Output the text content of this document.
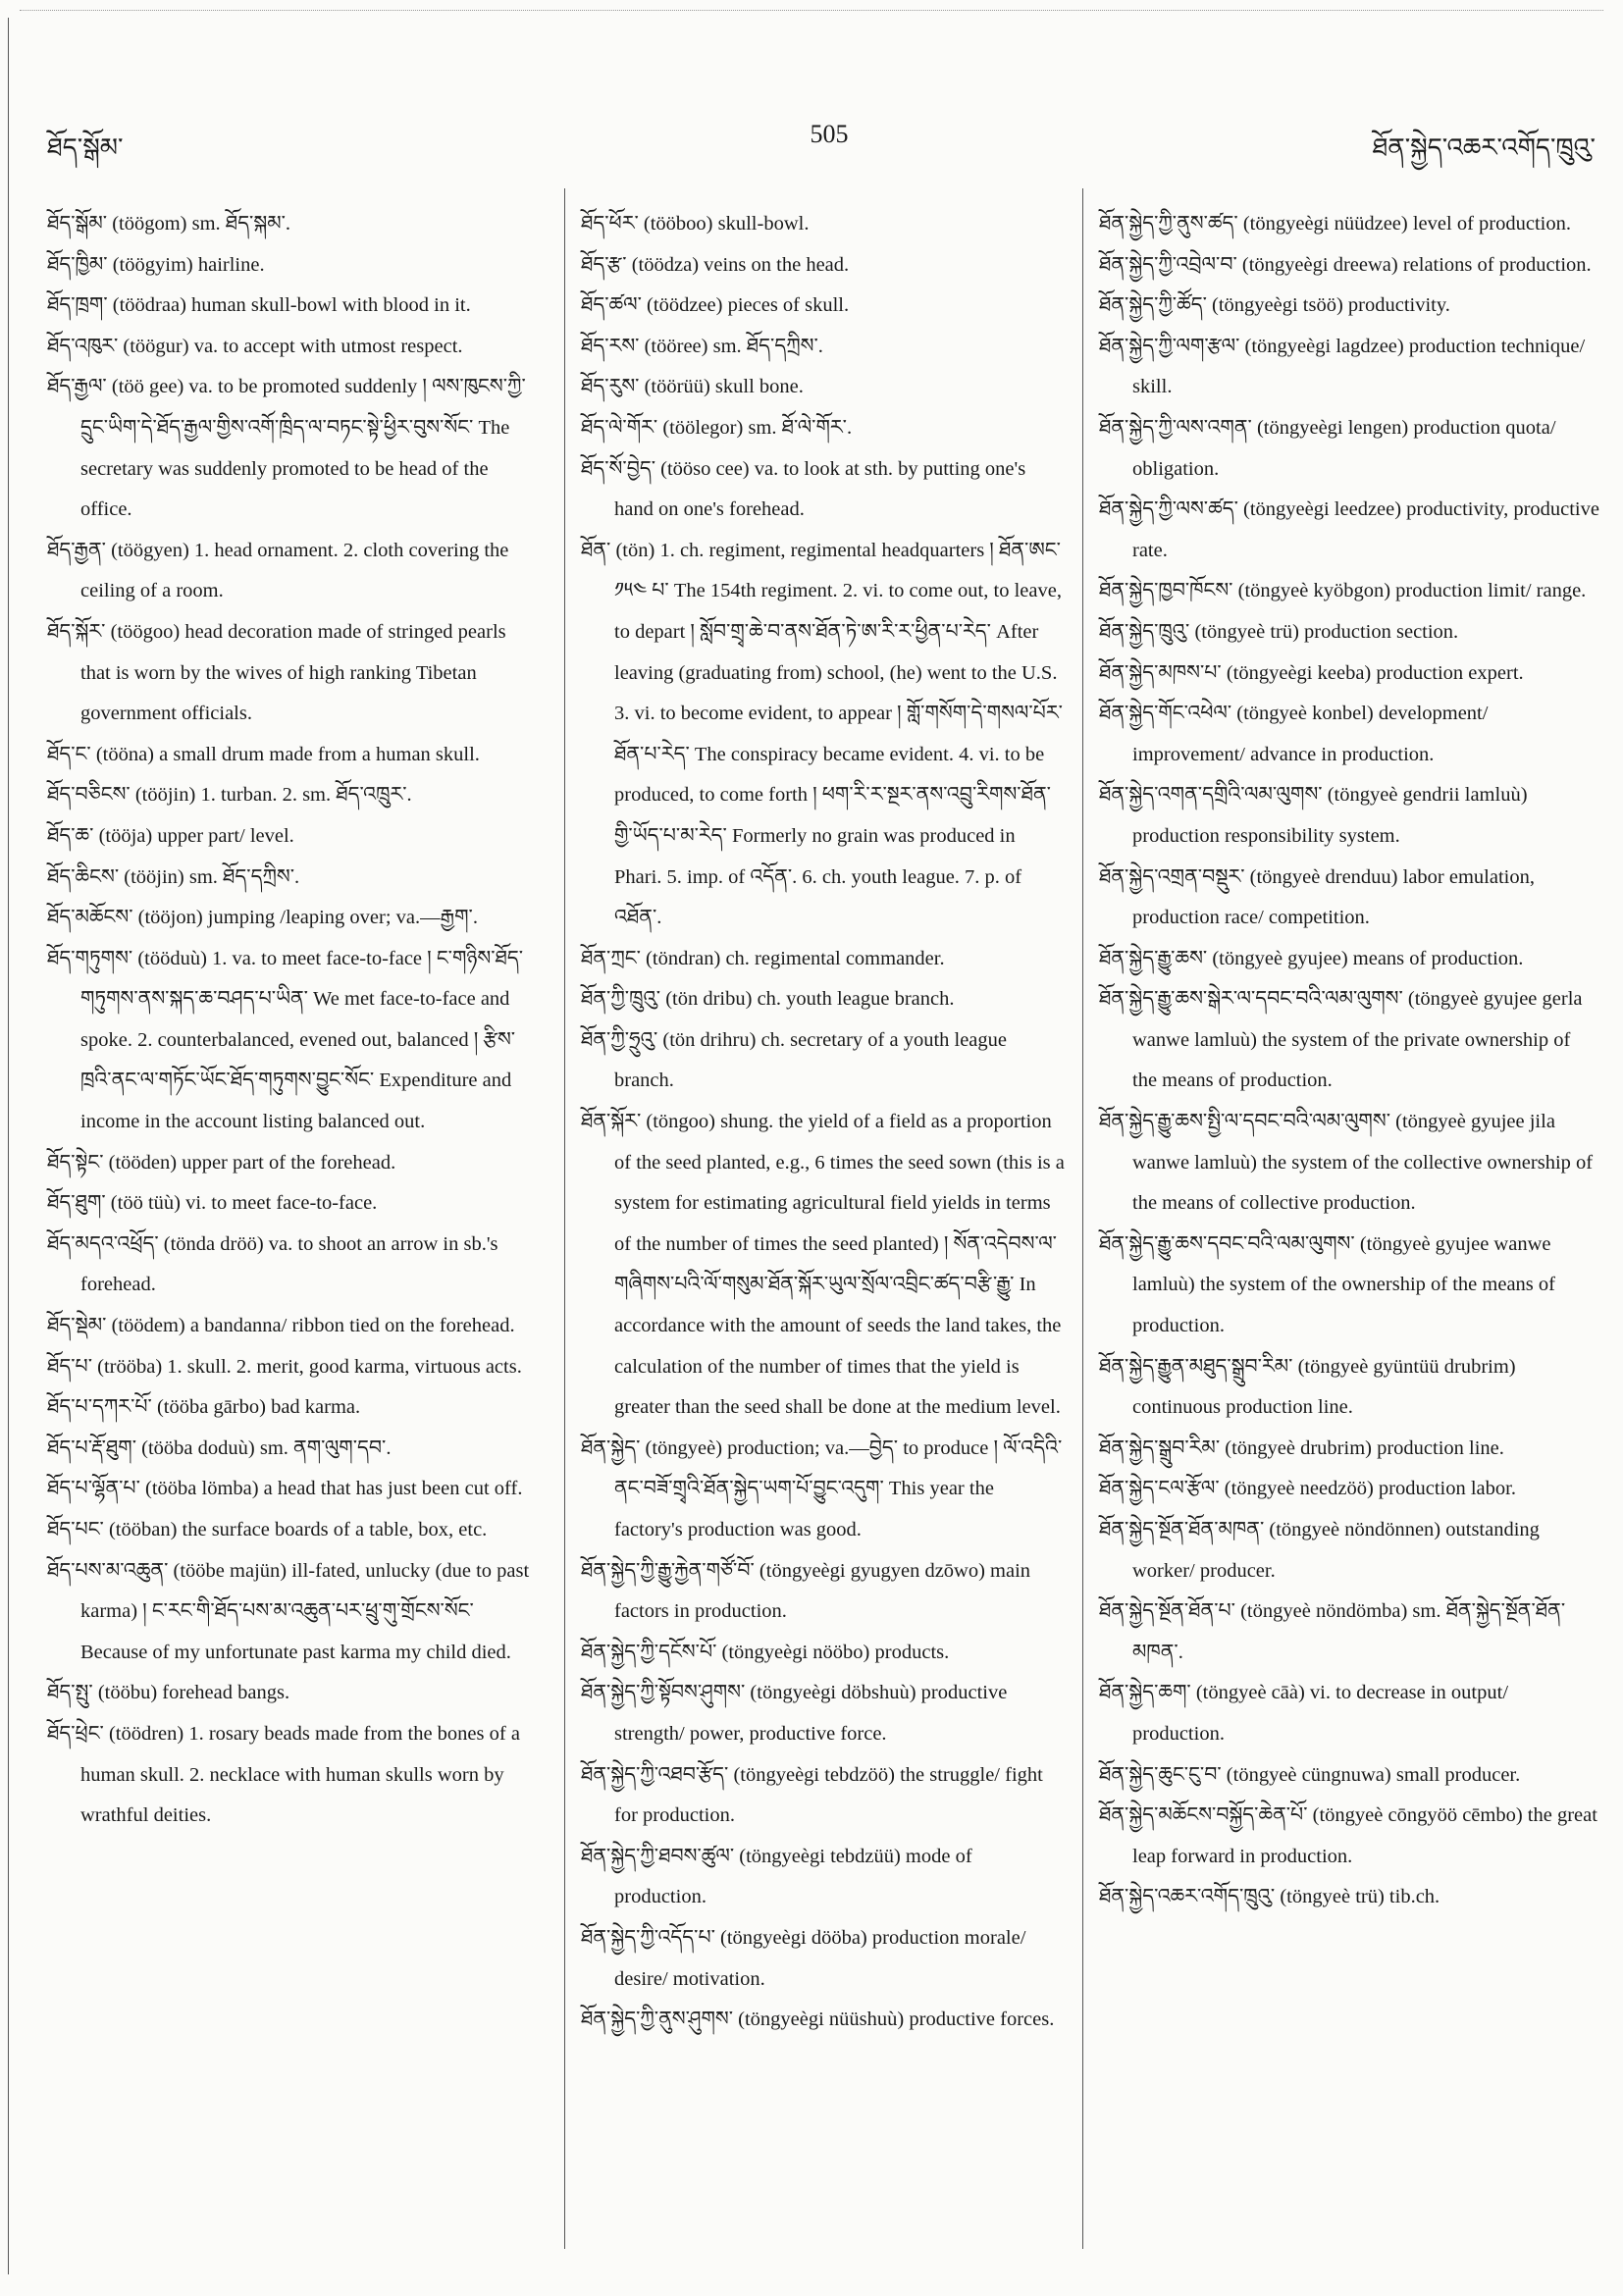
ཐོད་སྒོམ་	505	ཐོན་སྐྱེད་འཆར་འགོད་ཁྲུའུ་

ཐོད་སྒོམ་ (töögom) sm. ཐོད་སྐམ་.

ཐོད་ཁྱིམ་ (töögyim) hairline.

ཐོད་ཁྲག་ (töödraa) human skull-bowl with blood in it.

ཐོད་འཁུར་ (töögur) va. to accept with utmost respect.

ཐོད་རྒྱལ་ (töö gee) va. to be promoted suddenly ། ལས་ཁུངས་ཀྱི་དྲུང་ཡིག་དེ་ཐོད་རྒྱལ་གྱིས་འགོ་ཁྲིད་ལ་བཏང་སྟེ་ཕྱིར་བུས་སོང་ The secretary was suddenly promoted to be head of the office.

ཐོད་རྒྱན་ (töögyen) 1. head ornament. 2. cloth covering the ceiling of a room.

ཐོད་སྐོར་ (töögoo) head decoration made of stringed pearls that is worn by the wives of high ranking Tibetan government officials.

ཐོད་ང་ (tööna) a small drum made from a human skull.

ཐོད་བཅིངས་ (tööjin) 1. turban. 2. sm. ཐོད་འཁྲུར་.

ཐོད་ཆ་ (tööja) upper part/ level.

ཐོད་ཆིངས་ (tööjin) sm. ཐོད་དཀྲིས་.

ཐོད་མཆོངས་ (tööjon) jumping /leaping over; va.—རྒྱག་.

ཐོད་གཏུགས་ (tööduù) 1. va. to meet face-to-face ། ང་གཉིས་ཐོད་གཏུགས་ནས་སྐད་ཆ་བཤད་པ་ཡིན་ We met face-to-face and spoke. 2. counterbalanced, evened out, balanced ། རྩིས་ཁྲའི་ནང་ལ་གཏོང་ཡོང་ཐོད་གཏུགས་བྱུང་སོང་ Expenditure and income in the account listing balanced out.

ཐོད་སྟེང་ (tööden) upper part of the forehead.

ཐོད་ཐུག་ (töö tüù) vi. to meet face-to-face.

ཐོད་མདའ་འཕྲོད་ (tönda dröö) va. to shoot an arrow in sb.'s forehead.

ཐོད་སྡེམ་ (töödem) a bandanna/ ribbon tied on the forehead.

ཐོད་པ་ (trööba) 1. skull. 2. merit, good karma, virtuous acts.

ཐོད་པ་དཀར་པོ་ (tööba gārbo) bad karma.

ཐོད་པ་རྡོ་ཐུག་ (tööba doduù) sm. ནག་ལུག་དབ་.

ཐོད་པ་ལྷོན་པ་ (tööba lömba) a head that has just been cut off.

ཐོད་པང་ (tööban) the surface boards of a table, box, etc.

ཐོད་པས་མ་འཆུན་ (tööbe majün) ill-fated, unlucky (due to past karma) ། ང་རང་གི་ཐོད་པས་མ་འཆུན་པར་ཕྲུ་གུ་གྲོངས་སོང་ Because of my unfortunate past karma my child died.

ཐོད་སྤུ་ (tööbu) forehead bangs.

ཐོད་ཕྲེང་ (töödren) 1. rosary beads made from the bones of a human skull. 2. necklace with human skulls worn by wrathful deities.

ཐོད་ཕོར་ (tööboo) skull-bowl.

ཐོད་རྩ་ (töödza) veins on the head.

ཐོད་ཚལ་ (töödzee) pieces of skull.

ཐོད་རས་ (tööree) sm. ཐོད་དཀྲིས་.

ཐོད་རུས་ (töörüü) skull bone.

ཐོད་ལེ་གོར་ (töölegor) sm. ཐོ་ལེ་གོར་.

ཐོད་སོ་བྱེད་ (töösо cee) va. to look at sth. by putting one's hand on one's forehead.

ཐོན་ (tön) 1. ch. regiment, regimental headquarters ། ཐོན་ཨང་ ༡༥༤ པ་ The 154th regiment. 2. vi. to come out, to leave, to depart ། སློབ་གྲྭ་ཆེ་བ་ནས་ཐོན་ཏེ་ཨ་རི་ར་ཕྱིན་པ་རེད་ After leaving (graduating from) school, (he) went to the U.S. 3. vi. to become evident, to appear ། གློ་གསོག་དེ་གསལ་པོར་ཐོན་པ་རེད་ The conspiracy became evident. 4. vi. to be produced, to come forth ། ཕག་རི་ར་སྔར་ནས་འབྲུ་རིགས་ཐོན་གྱི་ཡོད་པ་མ་རེད་ Formerly no grain was produced in Phari. 5. imp. of འདོན་. 6. ch. youth league. 7. p. of འཐོན་.

ཐོན་ཀྲང་ (töndran) ch. regimental commander.

ཐོན་ཀྱི་ཁྲུའུ་ (tön dribu) ch. youth league branch.

ཐོན་ཀྱི་ཧྲུའུ་ (tön drihru) ch. secretary of a youth league branch.

ཐོན་སྐོར་ (töngoo) shung. the yield of a field as a proportion of the seed planted, e.g., 6 times the seed sown (this is a system for estimating agricultural field yields in terms of the number of times the seed planted) ། སོན་འདེབས་ལ་གཞིགས་པའི་ལོ་གསུམ་ཐོན་སྐོར་ཡུལ་སྲོལ་འབྲིང་ཚད་བརྩི་རྒྱུ་ In accordance with the amount of seeds the land takes, the calculation of the number of times that the yield is greater than the seed shall be done at the medium level.

ཐོན་སྐྱེད་ (töngyeè) production; va.—བྱེད་ to produce ། ལོ་འདིའི་ནང་བཟོ་གྲྭའི་ཐོན་སྐྱེད་ཡག་པོ་བྱུང་འདུག་ This year the factory's production was good.

ཐོན་སྐྱེད་ཀྱི་རྒྱུ་རྐྱེན་གཙོ་བོ་ (töngyeègi gyugyen dzōwo) main factors in production.

ཐོན་སྐྱེད་ཀྱི་དངོས་པོ་ (töngyeègi nööbo) products.

ཐོན་སྐྱེད་ཀྱི་སྟོབས་ཤུགས་ (töngyeègi döbshuù) productive strength/ power, productive force.

ཐོན་སྐྱེད་ཀྱི་འཐབ་རྩོད་ (töngyeègi tebdzöö) the struggle/ fight for production.

ཐོན་སྐྱེད་ཀྱི་ཐབས་ཚུལ་ (töngyeègi tebdzüü) mode of production.

ཐོན་སྐྱེད་ཀྱི་འདོད་པ་ (töngyeègi dööba) production morale/ desire/ motivation.

ཐོན་སྐྱེད་ཀྱི་ནུས་ཤུགས་ (töngyeègi nüüshuù) productive forces.

ཐོན་སྐྱེད་ཀྱི་ནུས་ཚད་ (töngyeègi nüüdzee) level of production.

ཐོན་སྐྱེད་ཀྱི་འབྲེལ་བ་ (töngyeègi dreewa) relations of production.

ཐོན་སྐྱེད་ཀྱི་ཚོད་ (töngyeègi tsöö) productivity.

ཐོན་སྐྱེད་ཀྱི་ལག་རྩལ་ (töngyeègi lagdzee) production technique/ skill.

ཐོན་སྐྱེད་ཀྱི་ལས་འགན་ (töngyeègi lengen) production quota/ obligation.

ཐོན་སྐྱེད་ཀྱི་ལས་ཚད་ (töngyeègi leedzee) productivity, productive rate.

ཐོན་སྐྱེད་ཁྱབ་ཁོངས་ (töngyeè kyöbgon) production limit/ range.

ཐོན་སྐྱེད་ཁྲུའུ་ (töngyeè trü) production section.

ཐོན་སྐྱེད་མཁས་པ་ (töngyeègi keeba) production expert.

ཐོན་སྐྱེད་གོང་འཕེལ་ (töngyeè konbel) development/ improvement/ advance in production.

ཐོན་སྐྱེད་འགན་དགྲིའི་ལམ་ལུགས་ (töngyeè gendrii lamluù) production responsibility system.

ཐོན་སྐྱེད་འགྲན་བསྡུར་ (töngyeè drenduu) labor emulation, production race/ competition.

ཐོན་སྐྱེད་རྒྱུ་ཆས་ (töngyeè gyujee) means of production.

ཐོན་སྐྱེད་རྒྱུ་ཆས་སྒེར་ལ་དབང་བའི་ལམ་ལུགས་ (töngyeè gyujee gerla wanwe lamluù) the system of the private ownership of the means of production.

ཐོན་སྐྱེད་རྒྱུ་ཆས་སྤྱི་ལ་དབང་བའི་ལམ་ལུགས་ (töngyeè gyujee jila wanwe lamluù) the system of the collective ownership of the means of collective production.

ཐོན་སྐྱེད་རྒྱུ་ཆས་དབང་བའི་ལམ་ལུགས་ (töngyeè gyujee wanwe lamluù) the system of the ownership of the means of production.

ཐོན་སྐྱེད་རྒྱུན་མཐུད་སྒྲུབ་རིམ་ (töngyeè gyüntüü drubrim) continuous production line.

ཐོན་སྐྱེད་སྒྲུབ་རིམ་ (töngyeè drubrim) production line.

ཐོན་སྐྱེད་ངལ་རྩོལ་ (töngyeè needzöö) production labor.

ཐོན་སྐྱེད་སྔོན་ཐོན་མཁན་ (töngyeè nöndönnen) outstanding worker/ producer.

ཐོན་སྐྱེད་སྔོན་ཐོན་པ་ (töngyeè nöndömba) sm. ཐོན་སྐྱེད་སྔོན་ཐོན་མཁན་.

ཐོན་སྐྱེད་ཆག་ (töngyeè cāà) vi. to decrease in output/ production.

ཐོན་སྐྱེད་ཆུང་ངུ་བ་ (töngyeè cüngnuwa) small producer.

ཐོན་སྐྱེད་མཆོངས་བསྐྱོད་ཆེན་པོ་ (töngyeè cōngyöö cēmbo) the great leap forward in production.

ཐོན་སྐྱེད་འཆར་འགོད་ཁྲུའུ་ (töngyeè trü) tib.ch.
